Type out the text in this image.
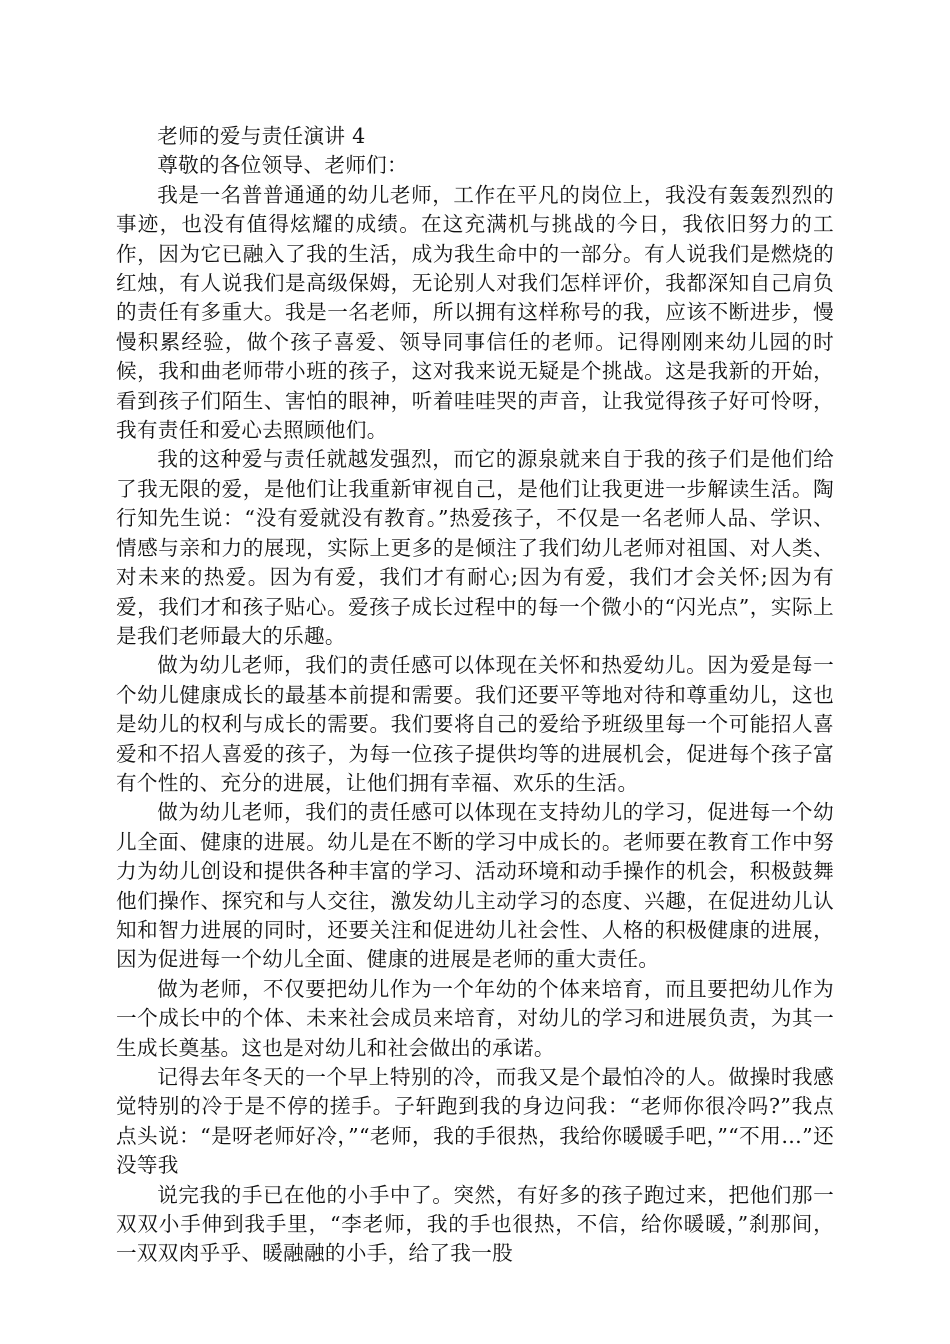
老师的爱与责任演讲 4

尊敬的各位领导、老师们：

我是一名普普通通的幼儿老师，工作在平凡的岗位上，我没有轰轰烈烈的事迹，也没有值得炫耀的成绩。在这充满机与挑战的今日，我依旧努力的工作，因为它已融入了我的生活，成为我生命中的一部分。有人说我们是燃烧的红烛，有人说我们是高级保姆，无论别人对我们怎样评价，我都深知自己肩负的责任有多重大。我是一名老师，所以拥有这样称号的我，应该不断进步，慢慢积累经验，做个孩子喜爱、领导同事信任的老师。记得刚刚来幼儿园的时候，我和曲老师带小班的孩子，这对我来说无疑是个挑战。这是我新的开始，看到孩子们陌生、害怕的眼神，听着哇哇哭的声音，让我觉得孩子好可怜呀，我有责任和爱心去照顾他们。

我的这种爱与责任就越发强烈，而它的源泉就来自于我的孩子们是他们给了我无限的爱，是他们让我重新审视自己，是他们让我更进一步解读生活。陶行知先生说：“没有爱就没有教育。”热爱孩子，不仅是一名老师人品、学识、情感与亲和力的展现，实际上更多的是倾注了我们幼儿老师对祖国、对人类、对未来的热爱。因为有爱，我们才有耐心;因为有爱，我们才会关怀;因为有爱，我们才和孩子贴心。爱孩子成长过程中的每一个微小的“闪光点”，实际上是我们老师最大的乐趣。

做为幼儿老师，我们的责任感可以体现在关怀和热爱幼儿。因为爱是每一个幼儿健康成长的最基本前提和需要。我们还要平等地对待和尊重幼儿，这也是幼儿的权利与成长的需要。我们要将自己的爱给予班级里每一个可能招人喜爱和不招人喜爱的孩子，为每一位孩子提供均等的进展机会，促进每个孩子富有个性的、充分的进展，让他们拥有幸福、欢乐的生活。

做为幼儿老师，我们的责任感可以体现在支持幼儿的学习，促进每一个幼儿全面、健康的进展。幼儿是在不断的学习中成长的。老师要在教育工作中努力为幼儿创设和提供各种丰富的学习、活动环境和动手操作的机会，积极鼓舞他们操作、探究和与人交往，激发幼儿主动学习的态度、兴趣，在促进幼儿认知和智力进展的同时，还要关注和促进幼儿社会性、人格的积极健康的进展，因为促进每一个幼儿全面、健康的进展是老师的重大责任。

做为老师，不仅要把幼儿作为一个年幼的个体来培育，而且要把幼儿作为一个成长中的个体、未来社会成员来培育，对幼儿的学习和进展负责，为其一生成长奠基。这也是对幼儿和社会做出的承诺。

记得去年冬天的一个早上特别的冷，而我又是个最怕冷的人。做操时我感觉特别的冷于是不停的搓手。子轩跑到我的身边问我：“老师你很冷吗?”我点点头说：“是呀老师好冷，”“老师，我的手很热，我给你暖暖手吧，”“不用…”还没等我

说完我的手已在他的小手中了。突然，有好多的孩子跑过来，把他们那一双双小手伸到我手里，“李老师，我的手也很热，不信，给你暖暖，”刹那间，一双双肉乎乎、暖融融的小手，给了我一股
